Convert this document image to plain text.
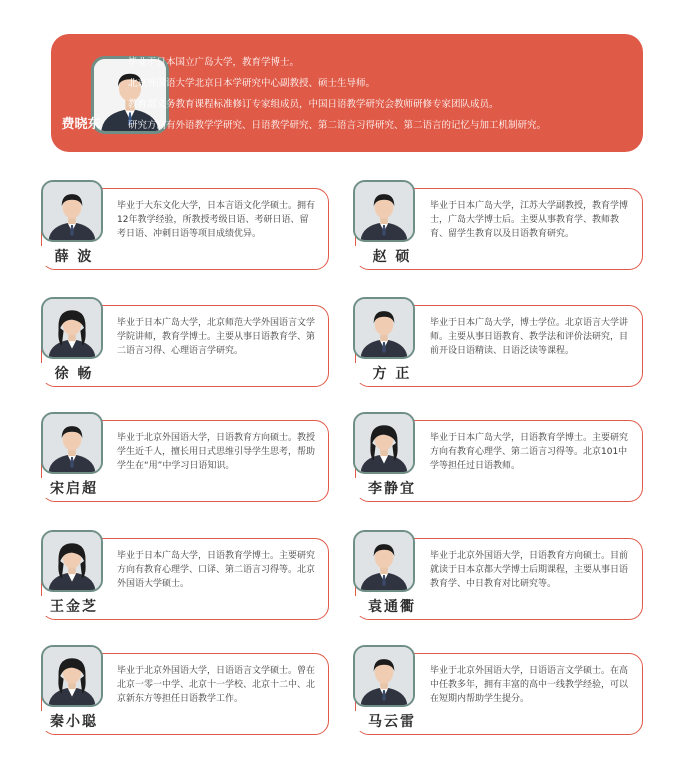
毕业于日本国立广岛大学，教育学博士。
北京外国语大学北京日本学研究中心副教授、硕士生导师。
教育部义务教育课程标准修订专家组成员，中国日语教学研究会教师研修专家团队成员。
研究方向有外语教学学研究、日语教学研究、第二语言习得研究、第二语言的记忆与加工机制研究。
费晓东
薛 波
毕业于大东文化大学，日本言语文化学硕士。拥有12年教学经验，所教授考级日语、考研日语、留考日语、冲刺日语等项目成绩优异。
赵 硕
毕业于日本广岛大学，江苏大学副教授，教育学博士，广岛大学博士后。主要从事教育学、教师教育、留学生教育以及日语教育研究。
徐 畅
毕业于日本广岛大学，北京师范大学外国语言文学学院讲师，教育学博士。主要从事日语教育学、第二语言习得、心理语言学研究。
方 正
毕业于日本广岛大学，博士学位。北京语言大学讲师。主要从事日语教育、教学法和评价法研究，目前开设日语精读、日语泛读等课程。
宋启超
毕业于北京外国语大学，日语教育方向硕士。教授学生近千人，擅长用日式思维引导学生思考，帮助学生在“用”中学习日语知识。
李静宜
毕业于日本广岛大学，日语教育学博士。主要研究方向有教育心理学、第二语言习得等。北京101中学等担任过日语教师。
王金芝
毕业于日本广岛大学，日语教育学博士。主要研究方向有教育心理学、口译、第二语言习得等。北京外国语大学硕士。
袁通衢
毕业于北京外国语大学，日语教育方向硕士。目前就读于日本京都大学博士后期课程，主要从事日语教育学、中日教育对比研究等。
秦小聪
毕业于北京外国语大学，日语语言文学硕士。曾在北京一零一中学、北京十一学校、北京十二中、北京新东方等担任日语教学工作。
马云雷
毕业于北京外国语大学，日语语言文学硕士。在高中任教多年，拥有丰富的高中一线教学经验，可以在短期内帮助学生提分。
